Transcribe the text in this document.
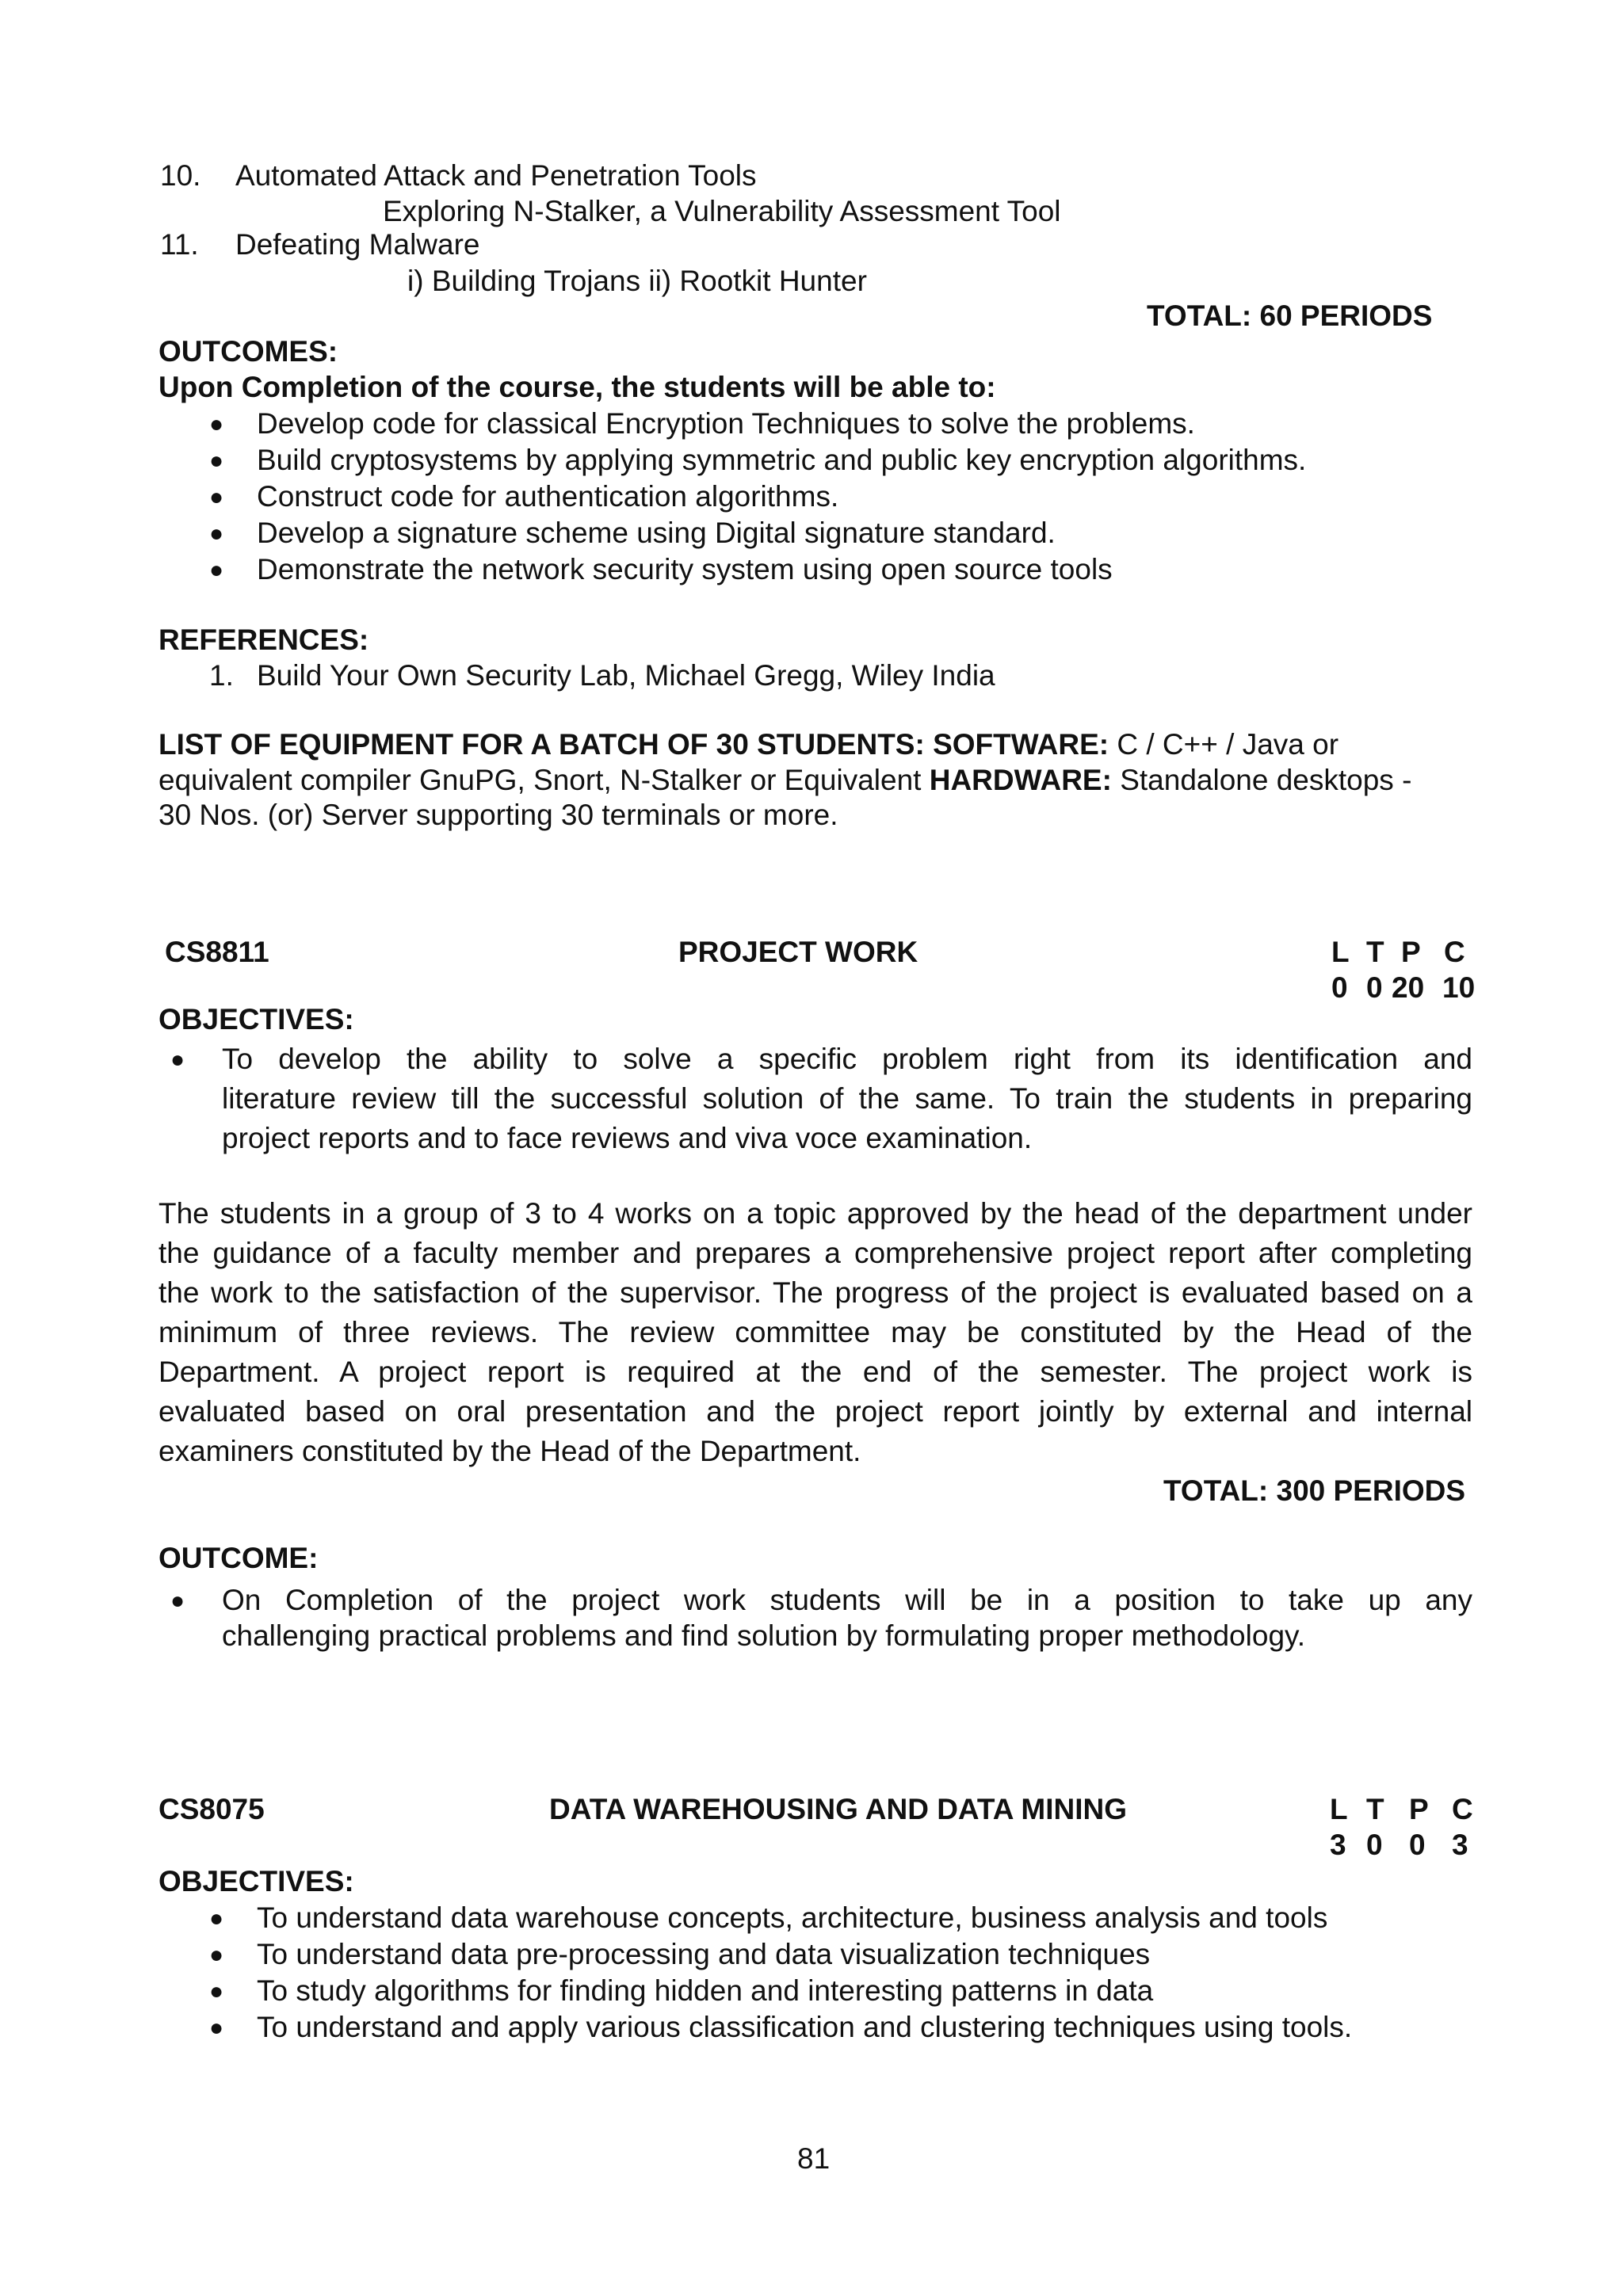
10. Automated Attack and Penetration Tools
Exploring N-Stalker, a Vulnerability Assessment Tool
11. Defeating Malware
i) Building Trojans ii) Rootkit Hunter
TOTAL: 60 PERIODS
OUTCOMES:
Upon Completion of the course, the students will be able to:
● Develop code for classical Encryption Techniques to solve the problems.
● Build cryptosystems by applying symmetric and public key encryption algorithms.
● Construct code for authentication algorithms.
● Develop a signature scheme using Digital signature standard.
● Demonstrate the network security system using open source tools
REFERENCES:
1. Build Your Own Security Lab, Michael Gregg, Wiley India
LIST OF EQUIPMENT FOR A BATCH OF 30 STUDENTS: SOFTWARE: C / C++ / Java or
equivalent compiler GnuPG, Snort, N-Stalker or Equivalent HARDWARE: Standalone desktops -
30 Nos. (or) Server supporting 30 terminals or more.
CS8811	PROJECT WORK	L T P C
0 0 20 10
OBJECTIVES:
● To develop the ability to solve a specific problem right from its identification and
literature review till the successful solution of the same. To train the students in preparing
project reports and to face reviews and viva voce examination.
The students in a group of 3 to 4 works on a topic approved by the head of the department under
the guidance of a faculty member and prepares a comprehensive project report after completing
the work to the satisfaction of the supervisor. The progress of the project is evaluated based on a
minimum of three reviews. The review committee may be constituted by the Head of the
Department. A project report is required at the end of the semester. The project work is
evaluated based on oral presentation and the project report jointly by external and internal
examiners constituted by the Head of the Department.
TOTAL: 300 PERIODS
OUTCOME:
● On Completion of the project work students will be in a position to take up any
challenging practical problems and find solution by formulating proper methodology.
CS8075	DATA WAREHOUSING AND DATA MINING	L T P C
3 0 0 3
OBJECTIVES:
● To understand data warehouse concepts, architecture, business analysis and tools
● To understand data pre-processing and data visualization techniques
● To study algorithms for finding hidden and interesting patterns in data
● To understand and apply various classification and clustering techniques using tools.
81
